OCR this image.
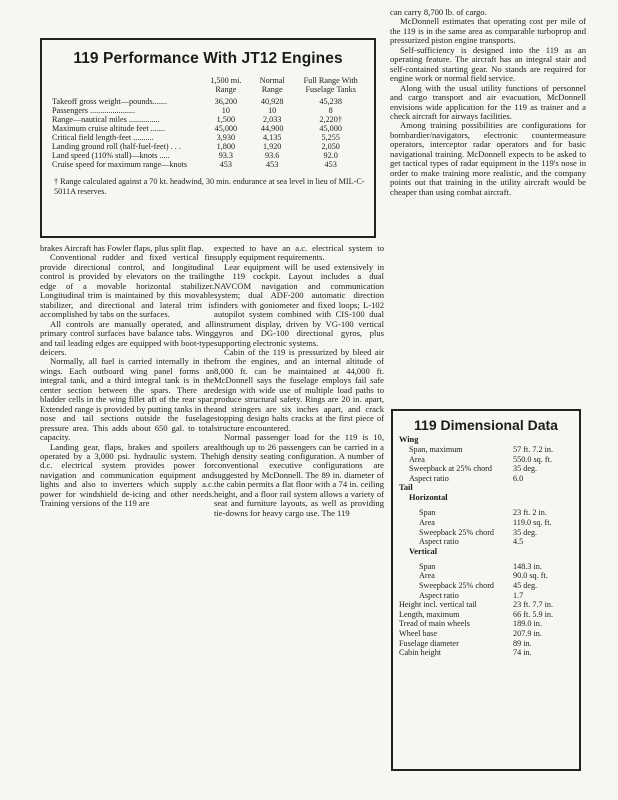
119 Performance With JT12 Engines
	1,500 mi. Range	Normal Range	Full Range With Fuselage Tanks
Takeoff gross weight—pounds.......	36,200	40,928	45,238
Passengers ......................	10	10	8
Range—nautical miles ...............	1,500	2,033	2,220†
Maximum cruise altitude feet .......	45,000	44,900	45,000
Critical field length-feet ..........	3,930	4,135	5,255
Landing ground roll (half-fuel-feet) . . .	1,800	1,920	2,050
Land speed (110% stall)—knots .....	93.3	93.6	92.0
Cruise speed for maximum range—knots	453	453	453
† Range calculated against a 70 kt. headwind, 30 min. endurance at sea level in lieu of MIL-C-5011A reserves.

can carry 8,700 lb. of cargo.

McDonnell estimates that operating cost per mile of the 119 is in the same area as comparable turboprop and pressurized piston engine transports.

Self-sufficiency is designed into the 119 as an operating feature. The aircraft has an integral stair and self-contained starting gear. No stands are required for engine work or normal field service.

Along with the usual utility functions of personnel and cargo transport and air evacuation, McDonnell envisions wide application for the 119 as trainer and a check aircraft for airways facilities.

Among training possibilities are configurations for bombardier/navigators, electronic countermeasure operators, interceptor radar operators and for basic navigational training. McDonnell expects to be asked to get tactical types of radar equipment in the 119's nose in order to make training more realistic, and the company points out that training in the utility aircraft would be cheaper than using combat aircraft.

brakes Aircraft has Fowler flaps, plus split flap.

Conventional rudder and fixed vertical fin provide directional control, and longitudinal control is provided by elevators on the trailing edge of a movable horizontal stabilizer. Longitudinal trim is maintained by this movable stabilizer, and directional and lateral trim is accomplished by tabs on the surfaces.

All controls are manually operated, and all primary control surfaces have balance tabs. Wing and tail leading edges are equipped with boot-type deicers.

Normally, all fuel is carried internally in the wings. Each outboard wing panel forms an integral tank, and a third integral tank is in the center section between the spars. There are bladder cells in the wing fillet aft of the rear spar. Extended range is provided by putting tanks in the nose and tail sections outside the fuselage pressure area. This adds about 650 gal. to total capacity.

Landing gear, flaps, brakes and spoilers are operated by a 3,000 psi. hydraulic system. The d.c. electrical system provides power for navigation and communication equipment and lights and also to inverters which supply a.c. power for windshield de-icing and other needs. Training versions of the 119 are

expected to have an a.c. electrical system to supply equipment requirements.

Lear equipment will be used extensively in the 119 cockpit. Layout includes a dual NAVCOM navigation and communication system; dual ADF-200 automatic direction finders with goniometer and fixed loops; L-102 autopilot system combined with CIS-100 dual instrument display, driven by VG-100 vertical gyros and DG-100 directional gyros, plus supporting electronic systems.

Cabin of the 119 is pressurized by bleed air from the engines, and an internal altitude of 8,000 ft. can be maintained at 44,000 ft. McDonnell says the fuselage employs fail safe design with wide use of multiple load paths to produce structural safety. Rings are 20 in. apart, and stringers are six inches apart, and crack stopping design halts cracks at the first piece of structure encountered.

Normal passenger load for the 119 is 10, although up to 26 passengers can be carried in a high density seating configuration. A number of conventional executive configurations are suggested by McDonnell. The 89 in. diameter of the cabin permits a flat floor with a 74 in. ceiling height, and a floor rail system allows a variety of seat and furniture layouts, as well as providing tie-downs for heavy cargo use. The 119

119 Dimensional Data
Wing
Span, maximum	57 ft. 7.2 in.
Area	550.0 sq. ft.
Sweepback at 25% chord	35 deg.
Aspect ratio	6.0
Tail
Horizontal
Span	23 ft. 2 in.
Area	119.0 sq. ft.
Sweepback 25% chord 35 deg.
Aspect ratio	4.5
Vertical
Span	148.3 in.
Area	90.0 sq. ft.
Sweepback 25% chord 45 deg.
Aspect ratio	1.7
Height incl. vertical tail	23 ft. 7.7 in.
Length, maximum	66 ft. 5.9 in.
Tread of main wheels	189.0 in.
Wheel base	207.9 in.
Fuselage diameter	89 in.
Cabin height	74 in.
